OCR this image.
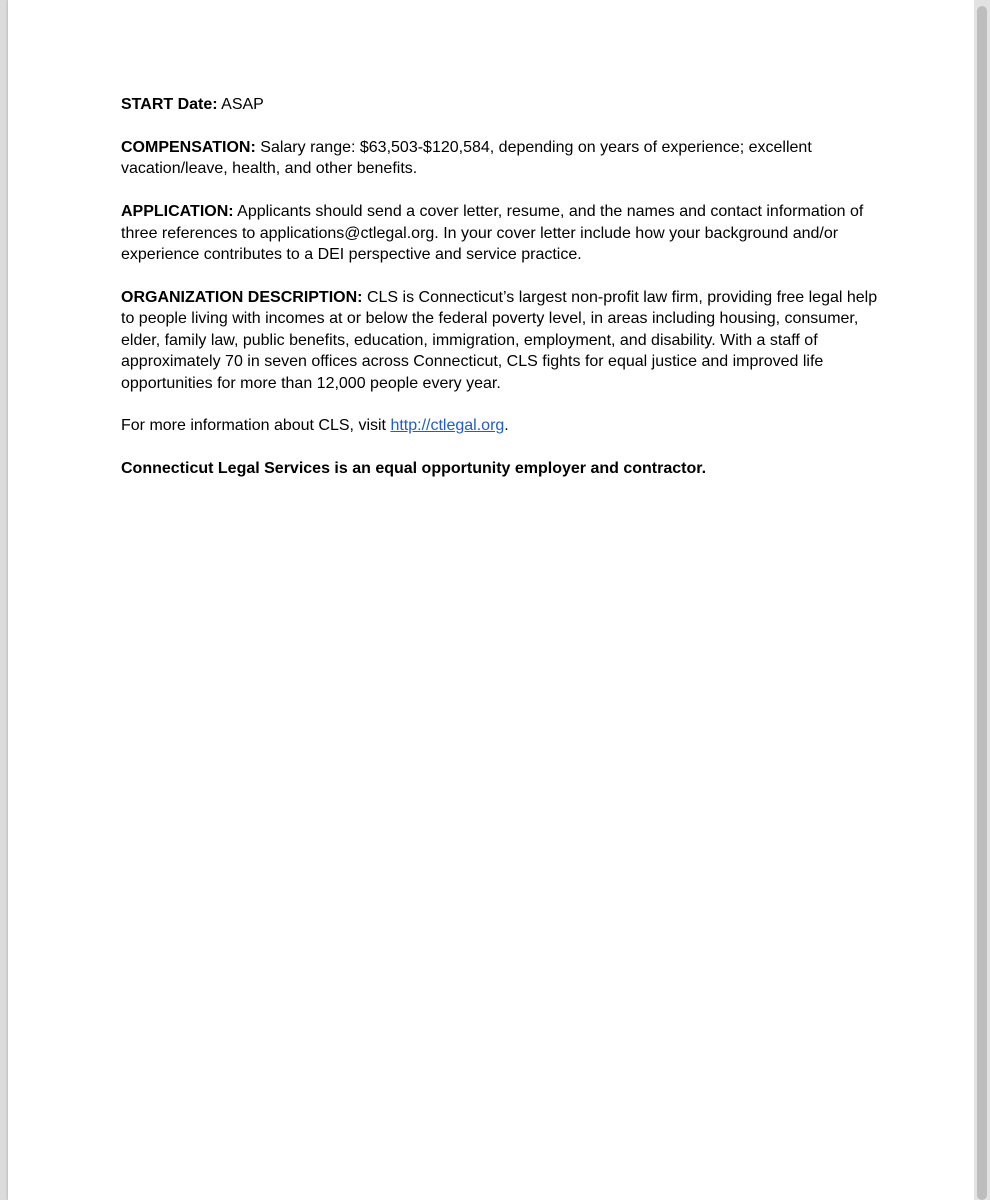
START Date: ASAP

COMPENSATION: Salary range: $63,503-$120,584, depending on years of experience; excellent vacation/leave, health, and other benefits.

APPLICATION: Applicants should send a cover letter, resume, and the names and contact information of three references to applications@ctlegal.org. In your cover letter include how your background and/or experience contributes to a DEI perspective and service practice.

ORGANIZATION DESCRIPTION: CLS is Connecticut’s largest non-profit law firm, providing free legal help to people living with incomes at or below the federal poverty level, in areas including housing, consumer, elder, family law, public benefits, education, immigration, employment, and disability. With a staff of approximately 70 in seven offices across Connecticut, CLS fights for equal justice and improved life opportunities for more than 12,000 people every year.

For more information about CLS, visit http://ctlegal.org.

Connecticut Legal Services is an equal opportunity employer and contractor.
